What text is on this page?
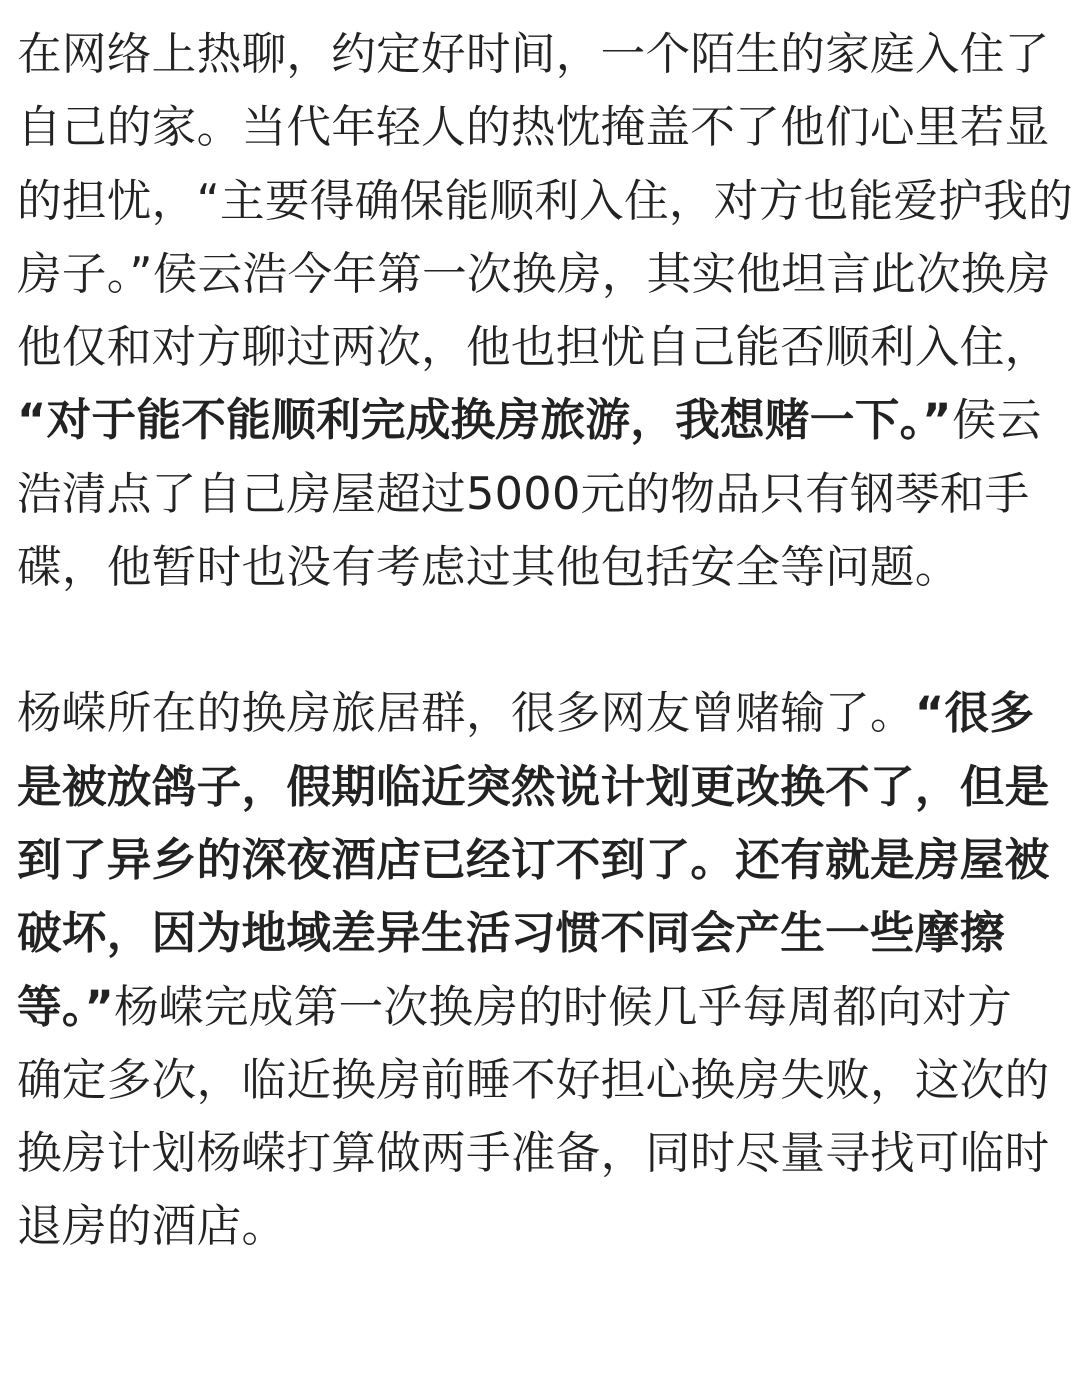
在网络上热聊，约定好时间，一个陌生的家庭入住了
自己的家。当代年轻人的热忱掩盖不了他们心里若显
的担忧，“主要得确保能顺利入住，对方也能爱护我的
房子。”侯云浩今年第一次换房，其实他坦言此次换房
他仅和对方聊过两次，他也担忧自己能否顺利入住，
“对于能不能顺利完成换房旅游，我想赌一下。”侯云
浩清点了自己房屋超过5000元的物品只有钢琴和手
碟，他暂时也没有考虑过其他包括安全等问题。

杨嵘所在的换房旅居群，很多网友曾赌输了。“很多
是被放鸽子，假期临近突然说计划更改换不了，但是
到了异乡的深夜酒店已经订不到了。还有就是房屋被
破坏，因为地域差异生活习惯不同会产生一些摩擦
等。”杨嵘完成第一次换房的时候几乎每周都向对方
确定多次，临近换房前睡不好担心换房失败，这次的
换房计划杨嵘打算做两手准备，同时尽量寻找可临时
退房的酒店。
